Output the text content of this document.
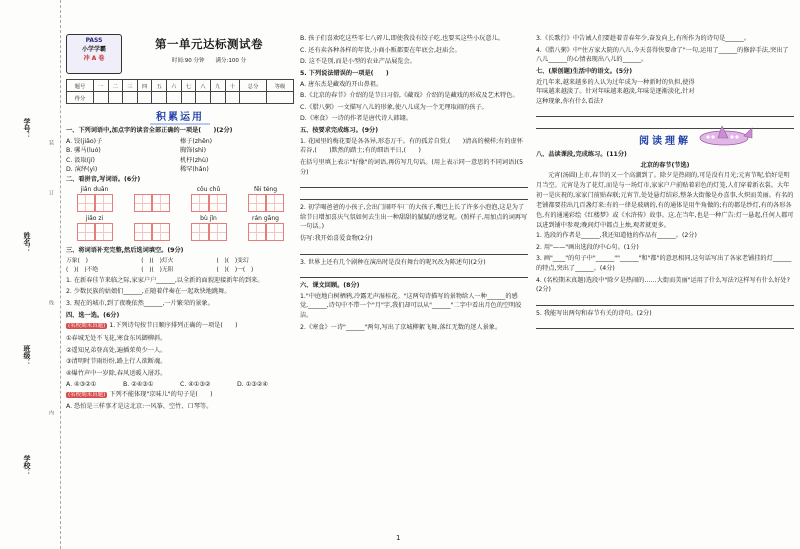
学号：
姓名：
班级：
学校：
装
订
线
内
PASS
小学学霸
冲 A 卷
第一单元达标测试卷
时间:90 分钟　　满分:100 分
题号	一	二	三	四	五	六	七	八	九	十	总分	等级
得分												
积累运用
一、下列词语中,加点字的读音全部正确的一项是(　　)(2分)
A. 饺(jiǎo)子	榛子(zhēn)
B. 骡马(luó)	胸饰(shì)
C. 汲取(jí)	机杼(zhù)
D. 演绎(yì)	稀罕(hǎn)
二、看拼音,写词语。(6分)
jiān duān	cōu chǔ	fēi téng
jiǎo zi	bù jǐn	rán gāng
三、将词语补充完整,然后选词填空。(9分)
万象(　)	(　)(　)灯火	(　)(　)变幻
(　)(　)不绝	(　)(　)无阻	(　)(　)一(　)
1. 在新春佳节来临之际,家家户户______,以全新的面貌迎接新年的到来。
2. 少数民族的姑娘们______,正随着伴奏在一起欢快地跳舞。
3. 现在的城市,到了夜晚依然______,一片繁荣的景象。
四、选一选。(6分)
(名校期末真题) 1.下列诗句按节日顺序排列正确的一项是(　　)
①春城无处不飞花,寒食东风御柳斜。
②遥知兄弟登高处,遍插茱萸少一人。
③清明时节雨纷纷,路上行人欲断魂。
④爆竹声中一岁除,春风送暖入屠苏。
A. ④③②①	B. ②④③①	C. ④①③②	D. ①③②④
(名校期末真题) 下列不能体现"京味儿"的句子是(　　)
A. 恐怕是三样事才是这北京:一风筝、空竹、口琴等。
B. 孩子们喜欢吃这些零七八碎儿,即使我没有饺子吃,也要买这些小玩意儿。
C. 还有卖各种各样的年货,小商小贩都要在年底会,赶庙会。
D. 这不是别,而是小型的农业产品展览会。
5. 下列说法错误的一项是(　　)
A. 唐东杰是藏戏的开山鼻祖。
B.《北京的春节》介绍的是节日习俗,《藏戏》介绍的是藏戏的形成及艺术特色。
C.《腊八粥》一文描写八儿的形象,使八儿成为一个无理取闹的孩子。
D.《寒食》一诗的作者是唐代诗人韩翃。
五、按要求完成练习。(9分)
1. 花园里的梅花要是各各异,形态万千。有的孤芳自赏,(　　)清高的模样;有的虚怀若谷,(　　)默然的踏士;有的细语平日,(　　)
在括号里填上表示"好像"的词语,再仿写几句话。(用上表示同一意思的不同词语)(5分)
2. 初学喝爸爸的小孩子,会出门闹吓车厂的大孩子,嘴巴上长了许多小泡泡,这是为了给节日增加喜庆气氛如何去生出一种甜甜的腻腻的感觉呢。(照样子,用加点的词再写一句话。)
仿写:我开始喜爱食物(2分)
3. 世界上还有几个剧种在演出时是没有舞台的呢?(改为陈述句)(2分)
六、课文回顾。(8分)
1."中庭地白树栖鸦,冷露无声湿桂花。"这两句诗描写的景物给人一种______的感觉,______,诗句中不带一个"月"字,我们却可以从"______"二字中看出月色的空明皎洁。
2.《寒食》一诗"______"两句,写出了京城柳絮飞舞,落红无数的迷人景象。
1
3.《长歌行》中告诫人们要趁着青春年少,奋发向上,有所作为的诗句是______。
4.《腊八粥》中"住方家大院的八儿,今天喜得快要命了"一句,运用了______的修辞手法,突出了八儿______的心情表现出八儿的______。
七、(原创题)生活中的语文。(5分)
近几年来,越来越多的人认为过年成为一种新时的负担,使得年味越来越淡了。针对年味越来越淡,年味是逐渐淡化,针对这种现象,你有什么看法?
阅读理解
八、品读课段,完成练习。(11分)
北京的春节(节选)
元宵(汤圆)上市,春节的又一个高潮到了。除夕是热闹的,可是没有月光;元宵节呢,恰好是明月当空。元宵是为了花灯,而是与一场灯市,家家户户前贴着彩色的灯笼,人们穿着新衣裳。大年初一是庆祝的,家家门前贴春联;元宵节,处处悬灯结彩,整条大街像是办喜事,火炽而美丽。有名的老铺都要挂出几百盏灯来:有的一律是玻璃的,有的通体是用牛角做的;有的都是纱灯,有的各形各色,有的通通彩绘《红楼梦》或《水浒传》故事。这,在当年,也是一种广告:灯一悬起,任何人都可以进到铺中参观;晚间灯中都点上烛,观者就更多。
1. 选段的作者是______,我还知道他的作品有______。(2分)
2. 用"——"画出选段的中心句。(1分)
3. 画"____"的句子中"______""______"和"都"的意思相同,这句话写出了各家老铺挂的灯______的特点,突出了______。(4分)
4. (名校期末真题)选段中"除夕是热闹的……大街而美丽"运用了什么写法?这样写有什么好处?(2分)
5. 我能写出两句和春节有关的诗句。(2分)
